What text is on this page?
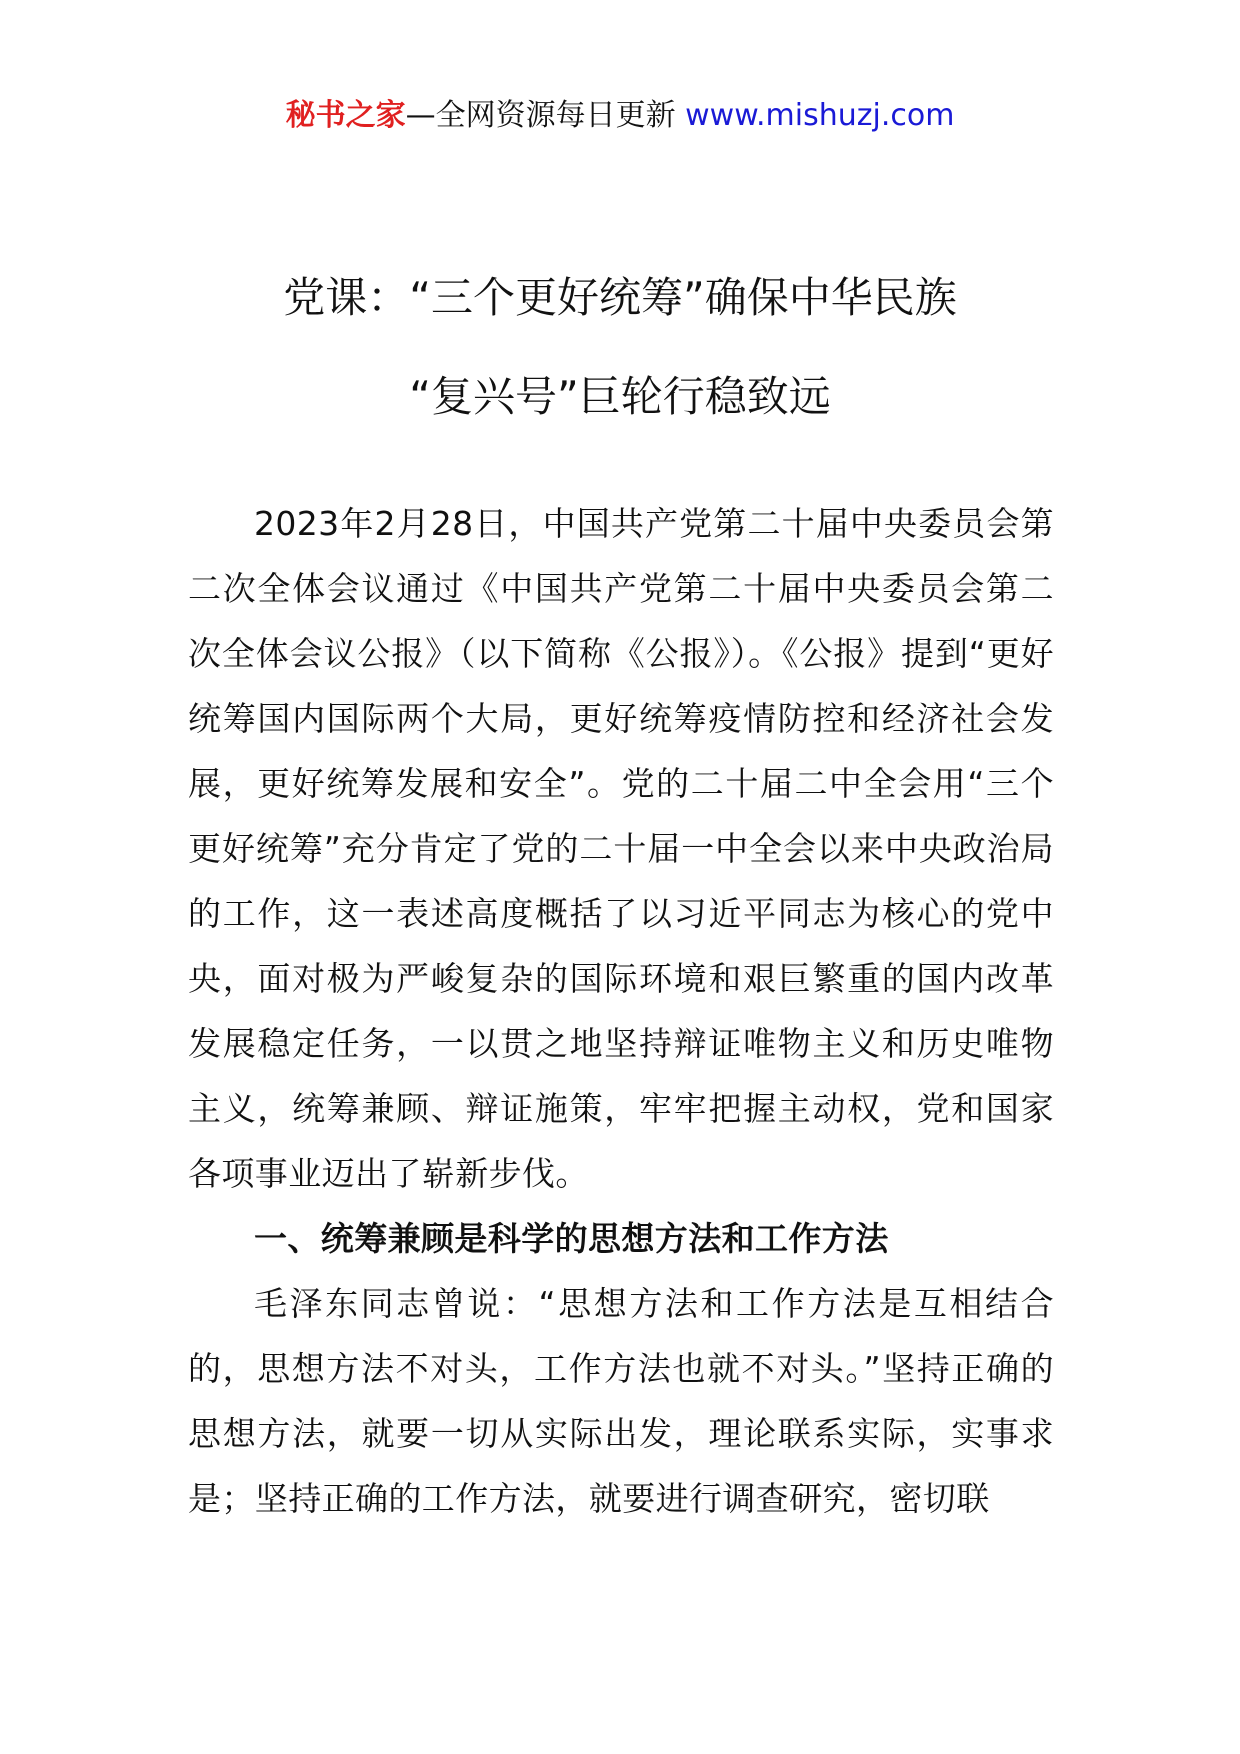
秘书之家—全网资源每日更新 www.mishuzj.com
党课：“三个更好统筹”确保中华民族
“复兴号”巨轮行稳致远

2023年2月28日，中国共产党第二十届中央委员会第二次全体会议通过《中国共产党第二十届中央委员会第二次全体会议公报》（以下简称《公报》）。《公报》提到“更好统筹国内国际两个大局，更好统筹疫情防控和经济社会发展，更好统筹发展和安全”。党的二十届二中全会用“三个更好统筹”充分肯定了党的二十届一中全会以来中央政治局的工作，这一表述高度概括了以习近平同志为核心的党中央，面对极为严峻复杂的国际环境和艰巨繁重的国内改革发展稳定任务，一以贯之地坚持辩证唯物主义和历史唯物主义，统筹兼顾、辩证施策，牢牢把握主动权，党和国家各项事业迈出了崭新步伐。

一、统筹兼顾是科学的思想方法和工作方法

毛泽东同志曾说：“思想方法和工作方法是互相结合的，思想方法不对头，工作方法也就不对头。”坚持正确的思想方法，就要一切从实际出发，理论联系实际，实事求是；坚持正确的工作方法，就要进行调查研究，密切联
